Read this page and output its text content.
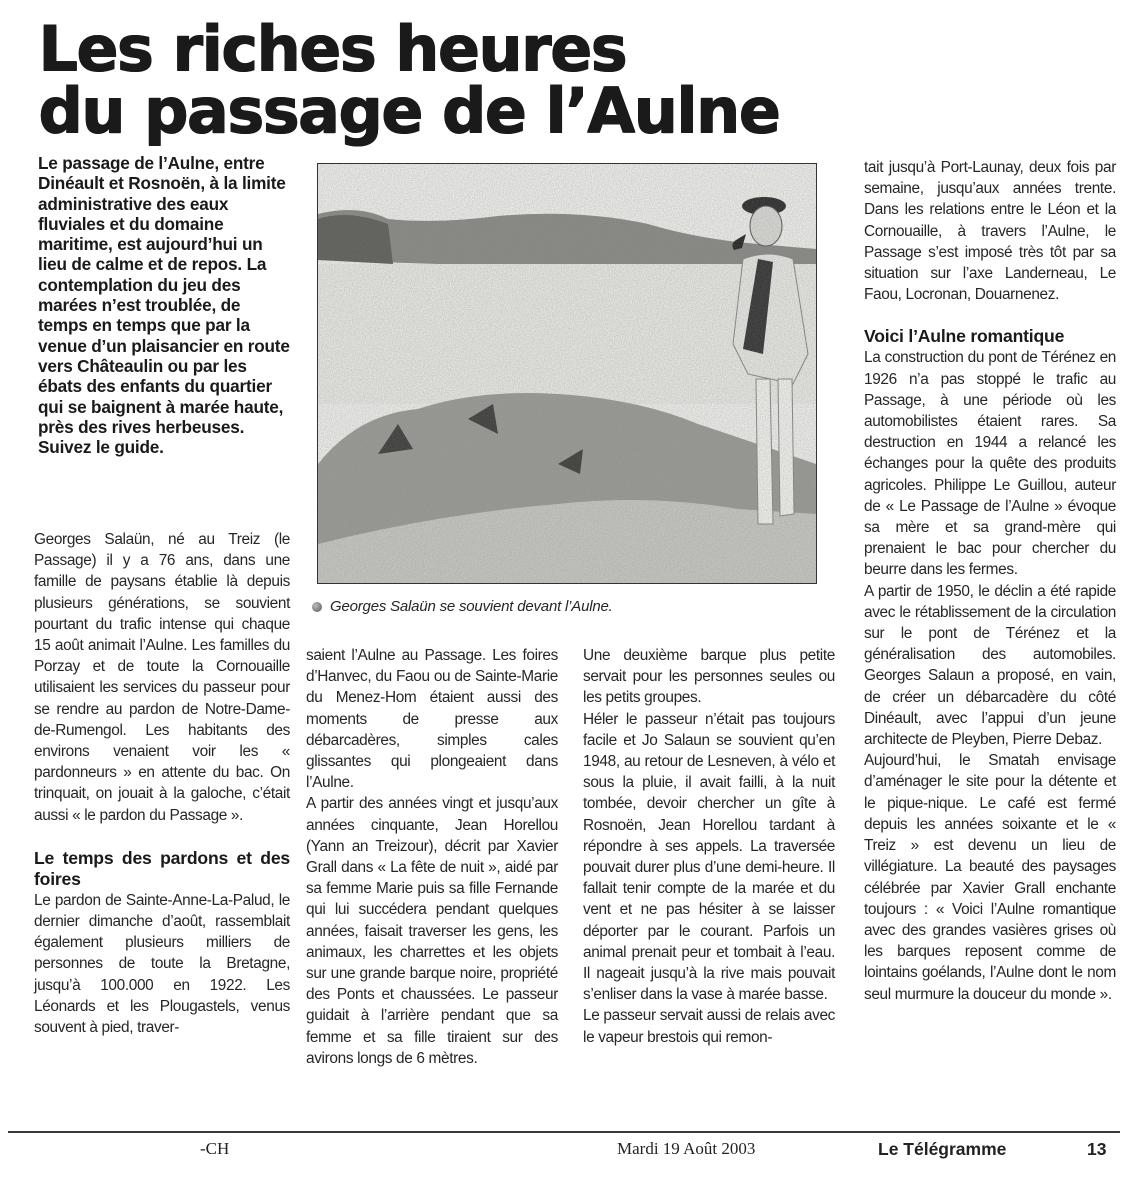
Les riches heures
du passage de l’Aulne

Le passage de l’Aulne, entre Dinéault et Rosnoën, à la limite administrative des eaux fluviales et du domaine maritime, est aujourd’hui un lieu de calme et de repos. La contemplation du jeu des marées n’est troublée, de temps en temps que par la venue d’un plaisancier en route vers Châteaulin ou par les ébats des enfants du quartier qui se baignent à marée haute, près des rives herbeuses. Suivez le guide.

Georges Salaün se souvient devant l’Aulne.

Georges Salaün, né au Treiz (le Passage) il y a 76 ans, dans une famille de paysans établie là depuis plusieurs générations, se souvient pourtant du trafic intense qui chaque 15 août animait l’Aulne. Les familles du Porzay et de toute la Cornouaille utilisaient les services du passeur pour se rendre au pardon de Notre-Dame-de-Rumengol. Les habitants des environs venaient voir les « pardonneurs » en attente du bac. On trinquait, on jouait à la galoche, c’était aussi « le pardon du Passage ».

Le temps des pardons et des foires

Le pardon de Sainte-Anne-La-Palud, le dernier dimanche d’août, rassemblait également plusieurs milliers de personnes de toute la Bretagne, jusqu’à 100.000 en 1922. Les Léonards et les Plougastels, venus souvent à pied, traver-

saient l’Aulne au Passage. Les foires d’Hanvec, du Faou ou de Sainte-Marie du Menez-Hom étaient aussi des moments de presse aux débarcadères, simples cales glissantes qui plongeaient dans l’Aulne.

A partir des années vingt et jusqu’aux années cinquante, Jean Horellou (Yann an Treizour), décrit par Xavier Grall dans « La fête de nuit », aidé par sa femme Marie puis sa fille Fernande qui lui succédera pendant quelques années, faisait traverser les gens, les animaux, les charrettes et les objets sur une grande barque noire, propriété des Ponts et chaussées. Le passeur guidait à l’arrière pendant que sa femme et sa fille tiraient sur des avirons longs de 6 mètres.

Une deuxième barque plus petite servait pour les personnes seules ou les petits groupes.

Héler le passeur n’était pas toujours facile et Jo Salaun se souvient qu’en 1948, au retour de Lesneven, à vélo et sous la pluie, il avait failli, à la nuit tombée, devoir chercher un gîte à Rosnoën, Jean Horellou tardant à répondre à ses appels. La traversée pouvait durer plus d’une demi-heure. Il fallait tenir compte de la marée et du vent et ne pas hésiter à se laisser déporter par le courant. Parfois un animal prenait peur et tombait à l’eau. Il nageait jusqu’à la rive mais pouvait s’enliser dans la vase à marée basse.

Le passeur servait aussi de relais avec le vapeur brestois qui remon-

tait jusqu’à Port-Launay, deux fois par semaine, jusqu’aux années trente. Dans les relations entre le Léon et la Cornouaille, à travers l’Aulne, le Passage s’est imposé très tôt par sa situation sur l’axe Landerneau, Le Faou, Locronan, Douarnenez.

Voici l’Aulne romantique

La construction du pont de Térénez en 1926 n’a pas stoppé le trafic au Passage, à une période où les automobilistes étaient rares. Sa destruction en 1944 a relancé les échanges pour la quête des produits agricoles. Philippe Le Guillou, auteur de « Le Passage de l’Aulne » évoque sa mère et sa grand-mère qui prenaient le bac pour chercher du beurre dans les fermes.

A partir de 1950, le déclin a été rapide avec le rétablissement de la circulation sur le pont de Térénez et la généralisation des automobiles. Georges Salaun a proposé, en vain, de créer un débarcadère du côté Dinéault, avec l’appui d’un jeune architecte de Pleyben, Pierre Debaz.

Aujourd’hui, le Smatah envisage d’aménager le site pour la détente et le pique-nique. Le café est fermé depuis les années soixante et le « Treiz » est devenu un lieu de villégiature. La beauté des paysages célébrée par Xavier Grall enchante toujours : « Voici l’Aulne romantique avec des grandes vasières grises où les barques reposent comme de lointains goélands, l’Aulne dont le nom seul murmure la douceur du monde ».

-CH	Mardi 19 Août 2003	Le Télégramme	13
